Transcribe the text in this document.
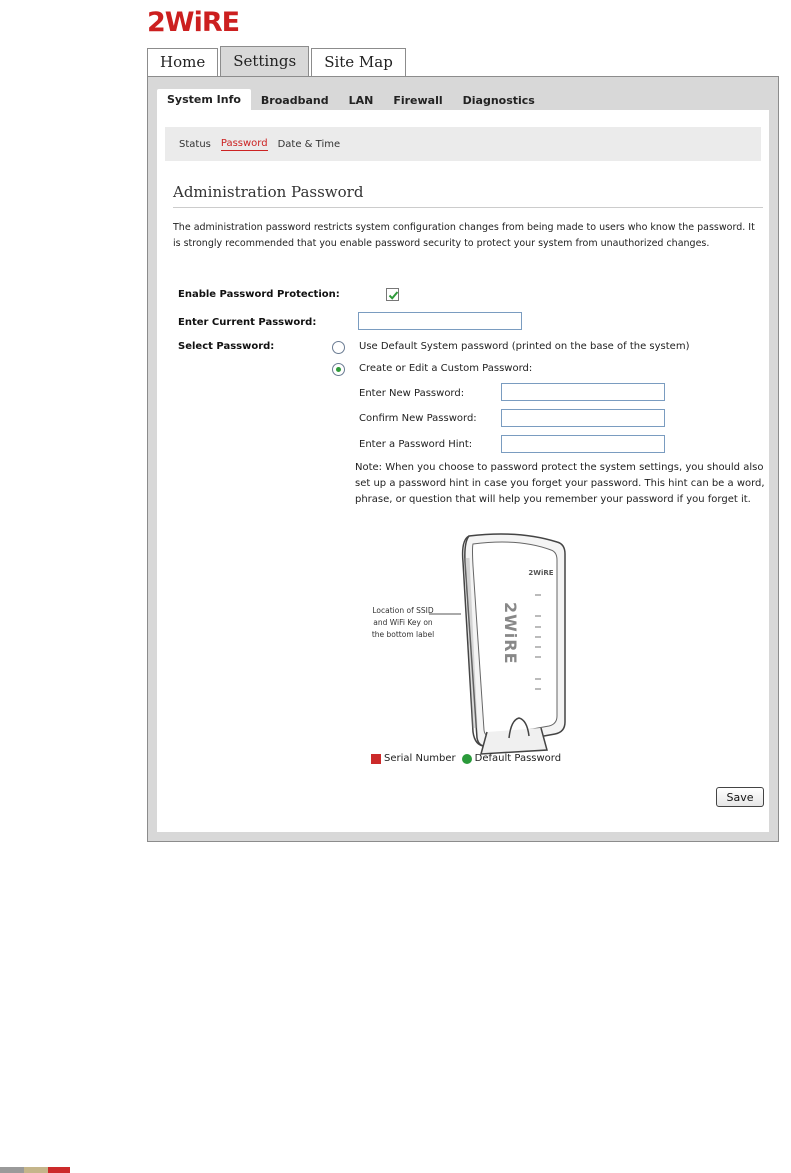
2WiRE
Home	Settings	Site Map
System Info	Broadband	LAN	Firewall	Diagnostics
Status Password Date & Time
Administration Password
The administration password restricts system configuration changes from being made to users who know the password. It is strongly recommended that you enable password security to protect your system from unauthorized changes.
Enable Password Protection:
Enter Current Password:
Select Password:	Use Default System password (printed on the base of the system)
Create or Edit a Custom Password:
Enter New Password:
Confirm New Password:
Enter a Password Hint:
Note: When you choose to password protect the system settings, you should also set up a password hint in case you forget your password. This hint can be a word, phrase, or question that will help you remember your password if you forget it.
2WiRE
2WiRE
Location of SSID and WiFi Key on the bottom label
Serial Number Default Password
Save
